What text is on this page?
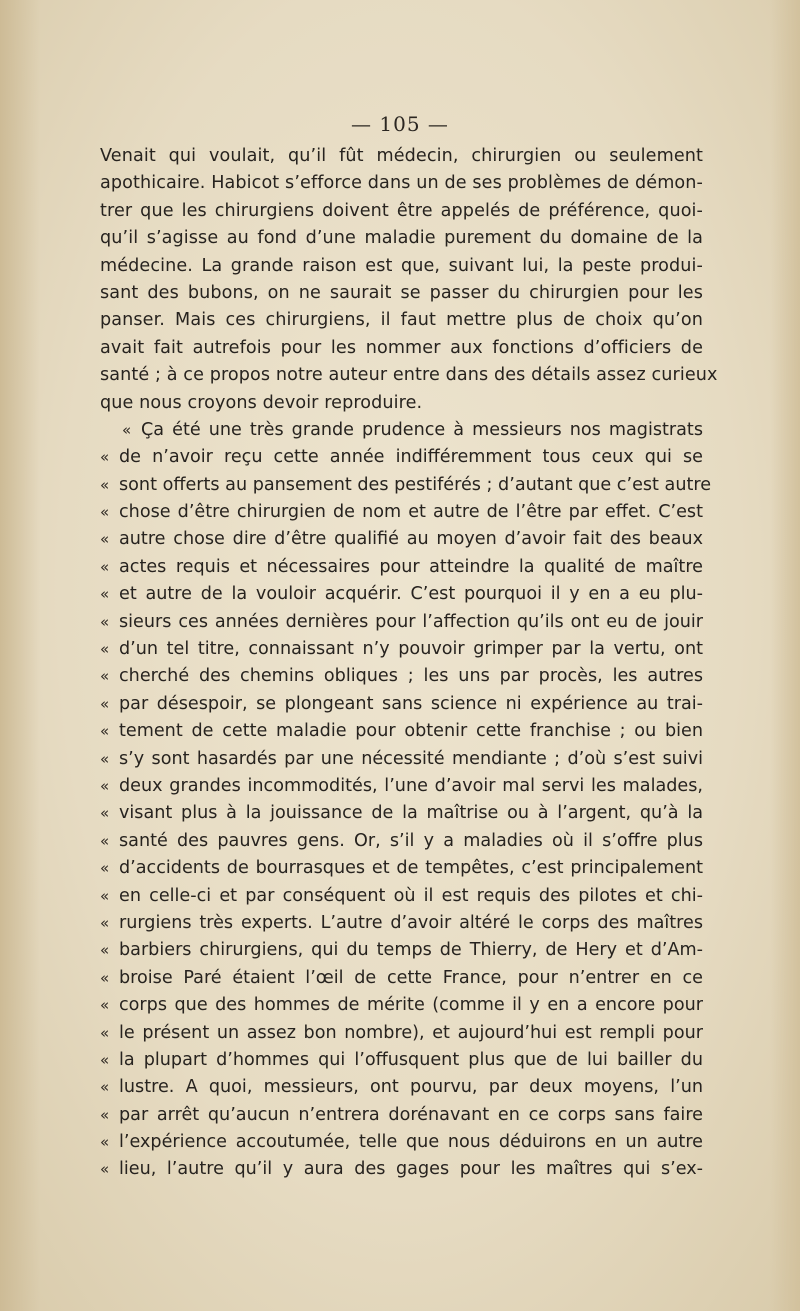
— 105 —
Venait qui voulait, qu’il fût médecin, chirurgien ou seulement
apothicaire. Habicot s’efforce dans un de ses problèmes de démon-
trer que les chirurgiens doivent être appelés de préférence, quoi-
qu’il s’agisse au fond d’une maladie purement du domaine de la
médecine. La grande raison est que, suivant lui, la peste produi-
sant des bubons, on ne saurait se passer du chirurgien pour les
panser. Mais ces chirurgiens, il faut mettre plus de choix qu’on
avait fait autrefois pour les nommer aux fonctions d’officiers de
santé ; à ce propos notre auteur entre dans des détails assez curieux
que nous croyons devoir reproduire.
« Ça été une très grande prudence à messieurs nos magistrats
« de n’avoir reçu cette année indifféremment tous ceux qui se
« sont offerts au pansement des pestiférés ; d’autant que c’est autre
« chose d’être chirurgien de nom et autre de l’être par effet. C’est
« autre chose dire d’être qualifié au moyen d’avoir fait des beaux
« actes requis et nécessaires pour atteindre la qualité de maître
« et autre de la vouloir acquérir. C’est pourquoi il y en a eu plu-
« sieurs ces années dernières pour l’affection qu’ils ont eu de jouir
« d’un tel titre, connaissant n’y pouvoir grimper par la vertu, ont
« cherché des chemins obliques ; les uns par procès, les autres
« par désespoir, se plongeant sans science ni expérience au trai-
« tement de cette maladie pour obtenir cette franchise ; ou bien
« s’y sont hasardés par une nécessité mendiante ; d’où s’est suivi
« deux grandes incommodités, l’une d’avoir mal servi les malades,
« visant plus à la jouissance de la maîtrise ou à l’argent, qu’à la
« santé des pauvres gens. Or, s’il y a maladies où il s’offre plus
« d’accidents de bourrasques et de tempêtes, c’est principalement
« en celle-ci et par conséquent où il est requis des pilotes et chi-
« rurgiens très experts. L’autre d’avoir altéré le corps des maîtres
« barbiers chirurgiens, qui du temps de Thierry, de Hery et d’Am-
« broise Paré étaient l’œil de cette France, pour n’entrer en ce
« corps que des hommes de mérite (comme il y en a encore pour
« le présent un assez bon nombre), et aujourd’hui est rempli pour
« la plupart d’hommes qui l’offusquent plus que de lui bailler du
« lustre. A quoi, messieurs, ont pourvu, par deux moyens, l’un
« par arrêt qu’aucun n’entrera dorénavant en ce corps sans faire
« l’expérience accoutumée, telle que nous déduirons en un autre
« lieu, l’autre qu’il y aura des gages pour les maîtres qui s’ex-
